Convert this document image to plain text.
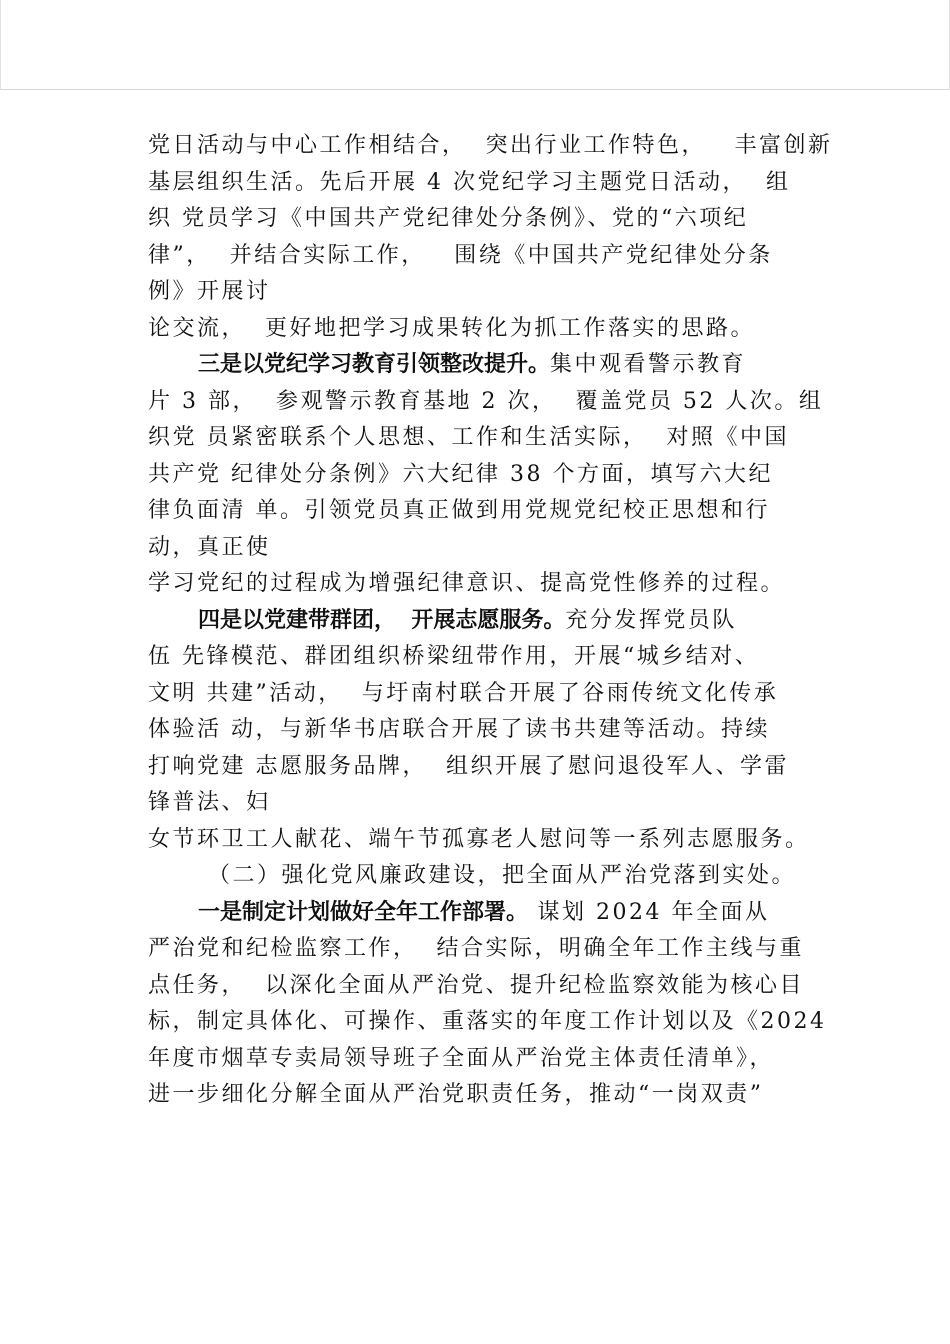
党日活动与中心工作相结合，  突出行业工作特色，   丰富创新
基层组织生活。先后开展 4 次党纪学习主题党日活动，  组
织 党员学习《中国共产党纪律处分条例》、党的“六项纪
律”，  并结合实际工作，   围绕《中国共产党纪律处分条
例》开展讨
论交流，  更好地把学习成果转化为抓工作落实的思路。
三是以党纪学习教育引领整改提升。集中观看警示教育
片 3 部，  参观警示教育基地 2 次，  覆盖党员 52 人次。组
织党 员紧密联系个人思想、工作和生活实际，  对照《中国
共产党 纪律处分条例》六大纪律 38 个方面，填写六大纪
律负面清 单。引领党员真正做到用党规党纪校正思想和行
动，真正使
学习党纪的过程成为增强纪律意识、提高党性修养的过程。
四是以党建带群团，  开展志愿服务。充分发挥党员队
伍 先锋模范、群团组织桥梁纽带作用，开展“城乡结对、
文明 共建”活动，  与圩南村联合开展了谷雨传统文化传承
体验活 动，与新华书店联合开展了读书共建等活动。持续
打响党建 志愿服务品牌，  组织开展了慰问退役军人、学雷
锋普法、妇
女节环卫工人献花、端午节孤寡老人慰问等一系列志愿服务。
（二）强化党风廉政建设，把全面从严治党落到实处。
一是制定计划做好全年工作部署。 谋划 2024 年全面从
严治党和纪检监察工作，  结合实际，明确全年工作主线与重
点任务，  以深化全面从严治党、提升纪检监察效能为核心目
标，制定具体化、可操作、重落实的年度工作计划以及《2024
年度市烟草专卖局领导班子全面从严治党主体责任清单》，
进一步细化分解全面从严治党职责任务，推动“一岗双责”
